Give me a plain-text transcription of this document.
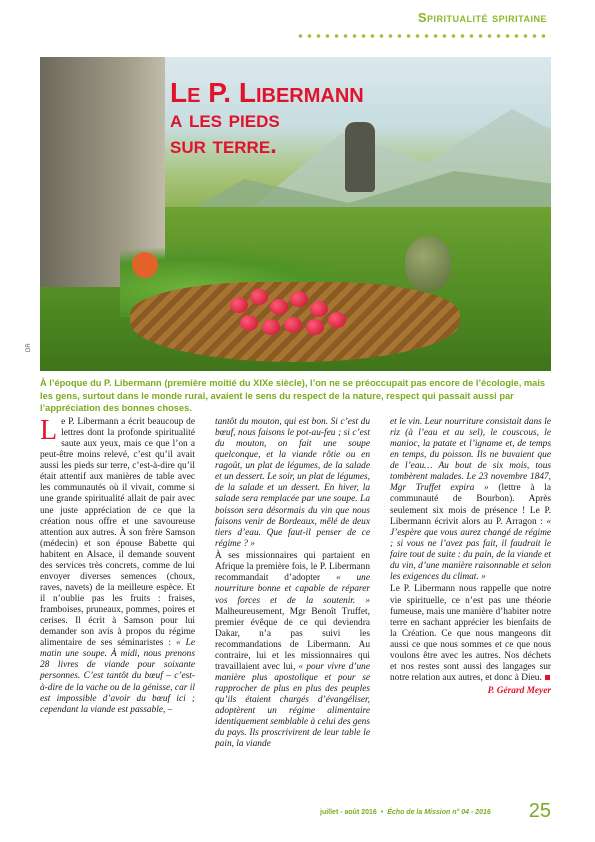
Spiritualité spiritaine
Le P. Libermann
a les pieds
sur terre.
DR
À l’époque du P. Libermann (première moitié du XIXe siècle), l’on ne se préoccupait pas encore de l’écologie, mais les gens, surtout dans le monde rural, avaient le sens du respect de la nature, respect qui passait aussi par l’appréciation des bonnes choses.

Le P. Libermann a écrit beaucoup de lettres dont la profonde spiritualité saute aux yeux, mais ce que l’on a peut-être moins relevé, c’est qu’il avait aussi les pieds sur terre, c’est-à-dire qu’il était attentif aux manières de table avec les communautés où il vivait, comme si une grande spiritualité allait de pair avec une juste appréciation de ce que la création nous offre et une savoureuse attention aux autres. À son frère Samson (médecin) et son épouse Babette qui habitent en Alsace, il demande souvent des services très concrets, comme de lui envoyer diverses semences (choux, raves, navets) de la meilleure espèce. Et il n’oublie pas les fruits : fraises, framboises, pruneaux, pommes, poires et cerises. Il écrit à Samson pour lui demander son avis à propos du régime alimentaire de ses séminaristes : « Le matin une soupe. À midi, nous prenons 28 livres de viande pour soixante personnes. C’est tantôt du bœuf – c’est-à-dire de la vache ou de la génisse, car il est impossible d’avoir du bœuf ici ; cependant la viande est passable, –

tantôt du mouton, qui est bon. Si c’est du bœuf, nous faisons le pot-au-feu ; si c’est du mouton, on fait une soupe quelconque, et la viande rôtie ou en ragoût, un plat de légumes, de la salade et un dessert. Le soir, un plat de légumes, de la salade et un dessert. En hiver, la salade sera remplacée par une soupe. La boisson sera désormais du vin que nous faisons venir de Bordeaux, mêlé de deux tiers d’eau. Que faut-il penser de ce régime ? »

À ses missionnaires qui partaient en Afrique la première fois, le P. Libermann recommandait d’adopter « une nourriture bonne et capable de réparer vos forces et de la soutenir. » Malheureusement, Mgr Benoît Truffet, premier évêque de ce qui deviendra Dakar, n’a pas suivi les recommandations de Libermann. Au contraire, lui et les missionnaires qui travaillaient avec lui, « pour vivre d’une manière plus apostolique et pour se rapprocher de plus en plus des peuples qu’ils étaient chargés d’évangéliser, adoptèrent un régime alimentaire identiquement semblable à celui des gens du pays. Ils proscrivirent de leur table le pain, la viande

et le vin. Leur nourriture consistait dans le riz (à l’eau et au sel), le couscous, le manioc, la patate et l’igname et, de temps en temps, du poisson. Ils ne buvaient que de l’eau… Au bout de six mois, tous tombèrent malades. Le 23 novembre 1847, Mgr Truffet expira » (lettre à la communauté de Bourbon). Après seulement six mois de présence ! Le P. Libermann écrivit alors au P. Arragon : « J’espère que vous aurez changé de régime ; si vous ne l’avez pas fait, il faudrait le faire tout de suite : du pain, de la viande et du vin, d’une manière raisonnable et selon les exigences du climat. »

Le P. Libermann nous rappelle que notre vie spirituelle, ce n’est pas une théorie fumeuse, mais une manière d’habiter notre terre en sachant apprécier les bienfaits de la Création. Ce que nous mangeons dit aussi ce que nous sommes et ce que nous voulons être avec les autres. Nos déchets et nos restes sont aussi des langages sur notre relation aux autres, et donc à Dieu.

P. Gérard Meyer

juillet - août 2016 • Écho de la Mission n° 04 - 2016 25
